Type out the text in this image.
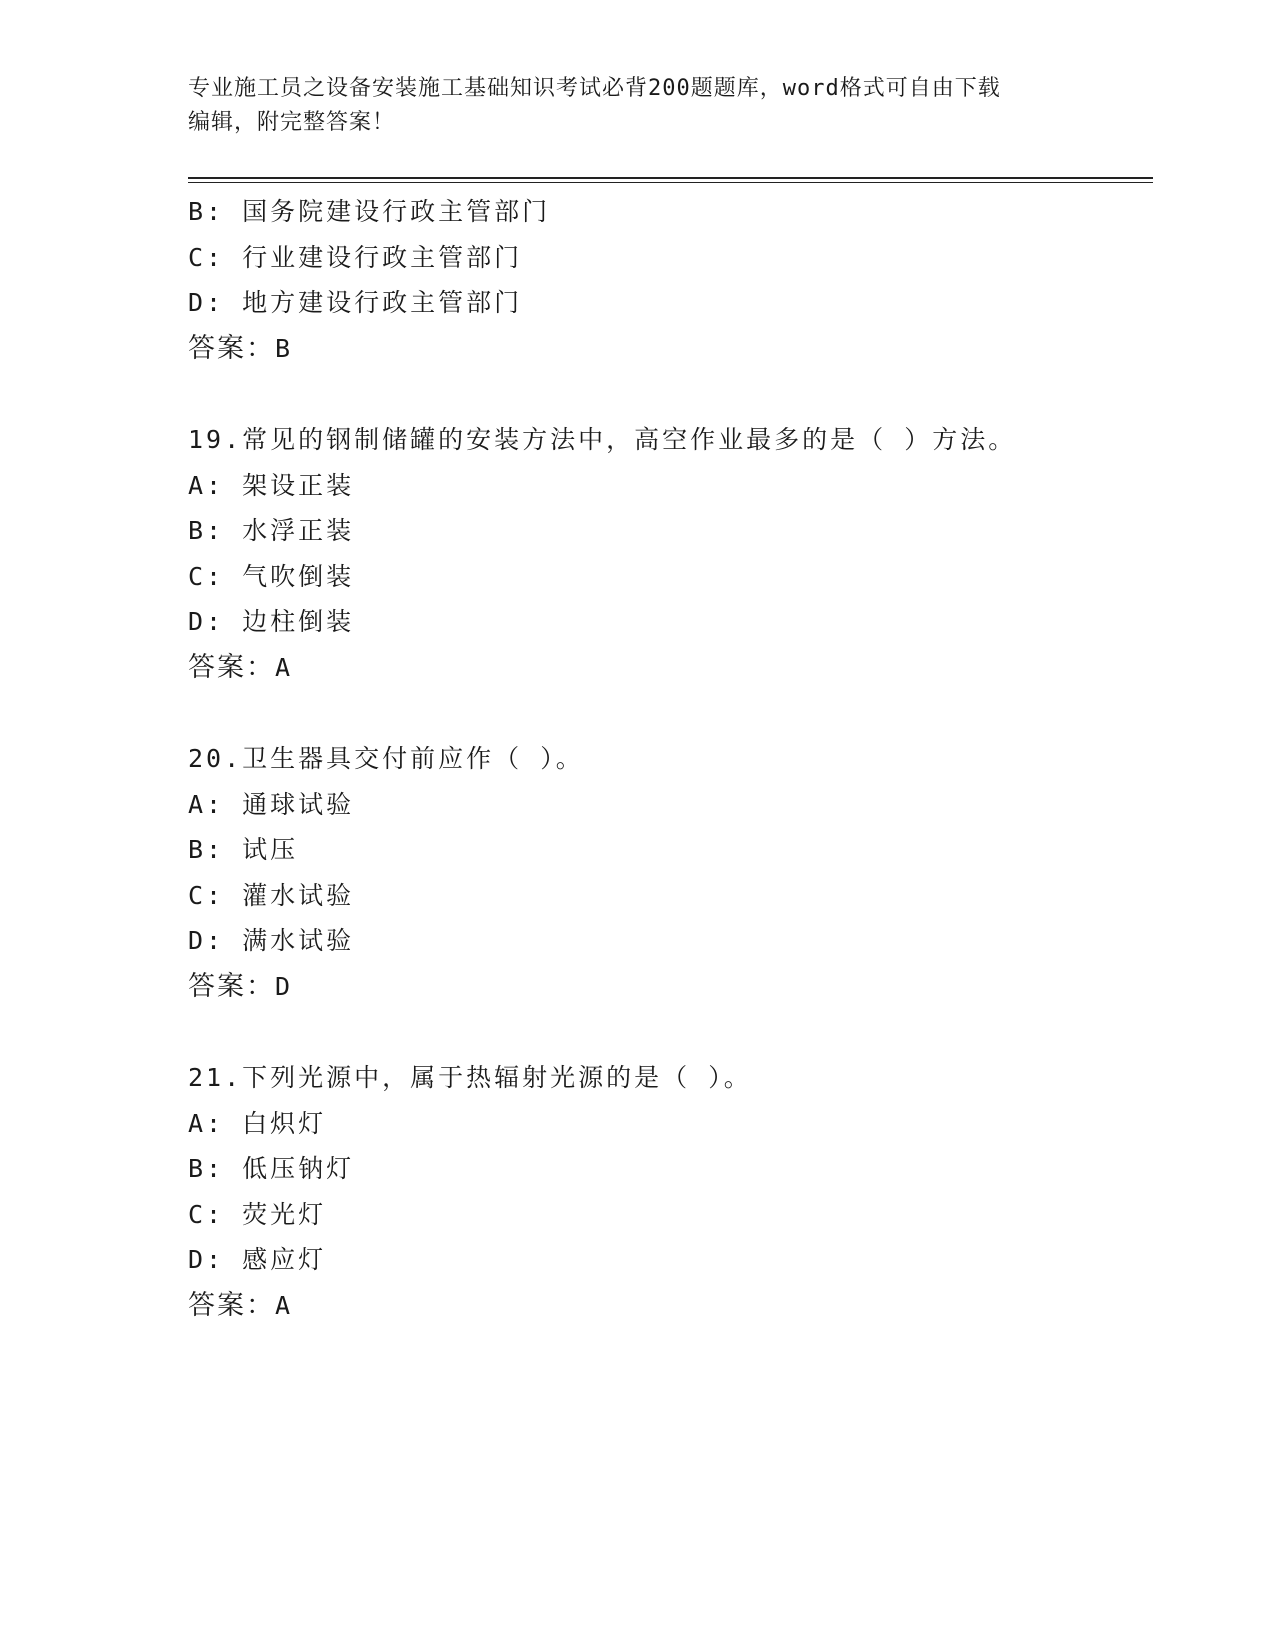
专业施工员之设备安装施工基础知识考试必背200题题库，word格式可自由下载
编辑，附完整答案！
B: 国务院建设行政主管部门
C: 行业建设行政主管部门
D: 地方建设行政主管部门
答案：B
19.常见的钢制储罐的安装方法中，高空作业最多的是（ ）方法。
A: 架设正装
B: 水浮正装
C: 气吹倒装
D: 边柱倒装
答案：A
20.卫生器具交付前应作（ ）。
A: 通球试验
B: 试压
C: 灌水试验
D: 满水试验
答案：D
21.下列光源中，属于热辐射光源的是（ ）。
A: 白炽灯
B: 低压钠灯
C: 荧光灯
D: 感应灯
答案：A
